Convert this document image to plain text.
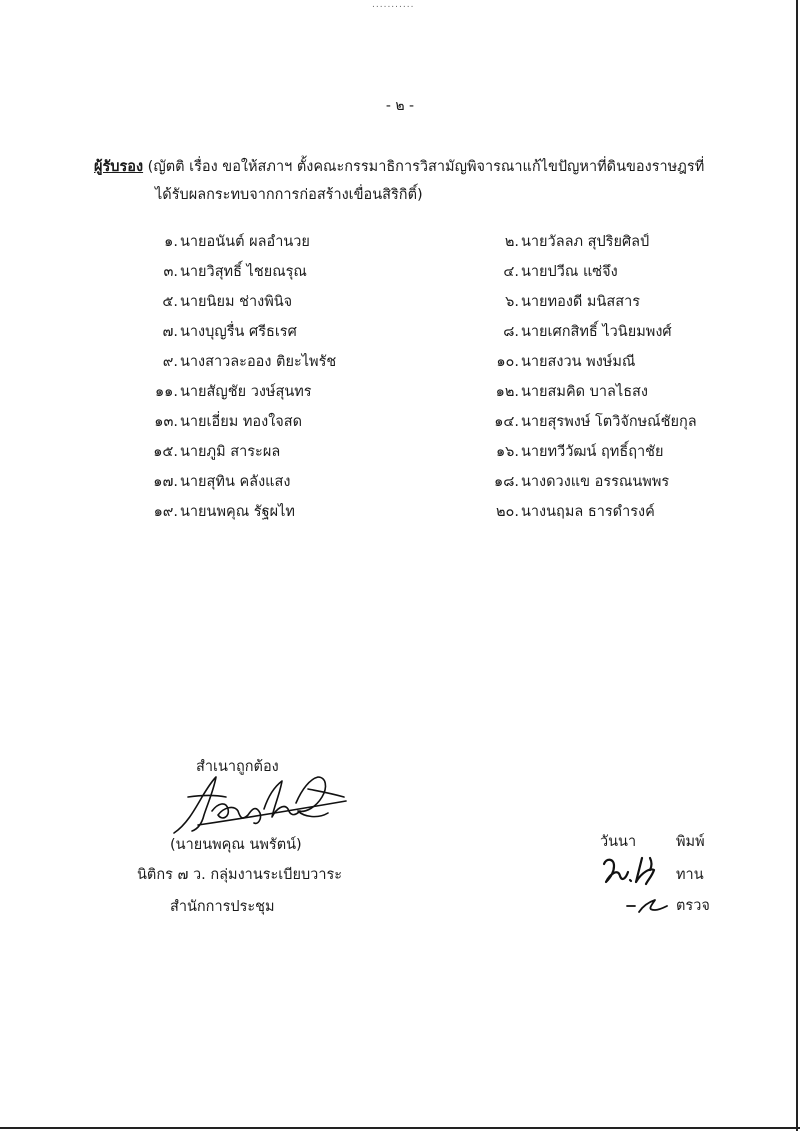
...........
- ๒ -
ผู้รับรอง (ญัตติ เรื่อง ขอให้สภาฯ ตั้งคณะกรรมาธิการวิสามัญพิจารณาแก้ไขปัญหาที่ดินของราษฎรที่
ได้รับผลกระทบจากการก่อสร้างเขื่อนสิริกิติ์)
๑. นายอนันต์ ผลอำนวย	๒. นายวัลลภ สุปริยศิลป์
๓. นายวิสุทธิ์ ไชยณรุณ	๔. นายปวีณ แซ่จึง
๕. นายนิยม ช่างพินิจ	๖. นายทองดี มนิสสาร
๗. นางบุญรื่น ศรีธเรศ	๘. นายเศกสิทธิ์ ไวนิยมพงศ์
๙. นางสาวละออง ติยะไพรัช	๑๐. นายสงวน พงษ์มณี
๑๑. นายสัญชัย วงษ์สุนทร	๑๒. นายสมคิด บาลไธสง
๑๓. นายเอี่ยม ทองใจสด	๑๔. นายสุรพงษ์ โตวิจักษณ์ชัยกุล
๑๕. นายภูมิ สาระผล	๑๖. นายทวีวัฒน์ ฤทธิ์ฤาชัย
๑๗. นายสุทิน คลังแสง	๑๘. นางดวงแข อรรณนพพร
๑๙. นายนพคุณ รัฐผไท	๒๐. นางนฤมล ธารดำรงค์
สำเนาถูกต้อง
(นายนพคุณ นพรัตน์)
นิติกร ๗ ว. กลุ่มงานระเบียบวาระ
สำนักการประชุม
วันนา	พิมพ์
ทาน
ตรวจ
